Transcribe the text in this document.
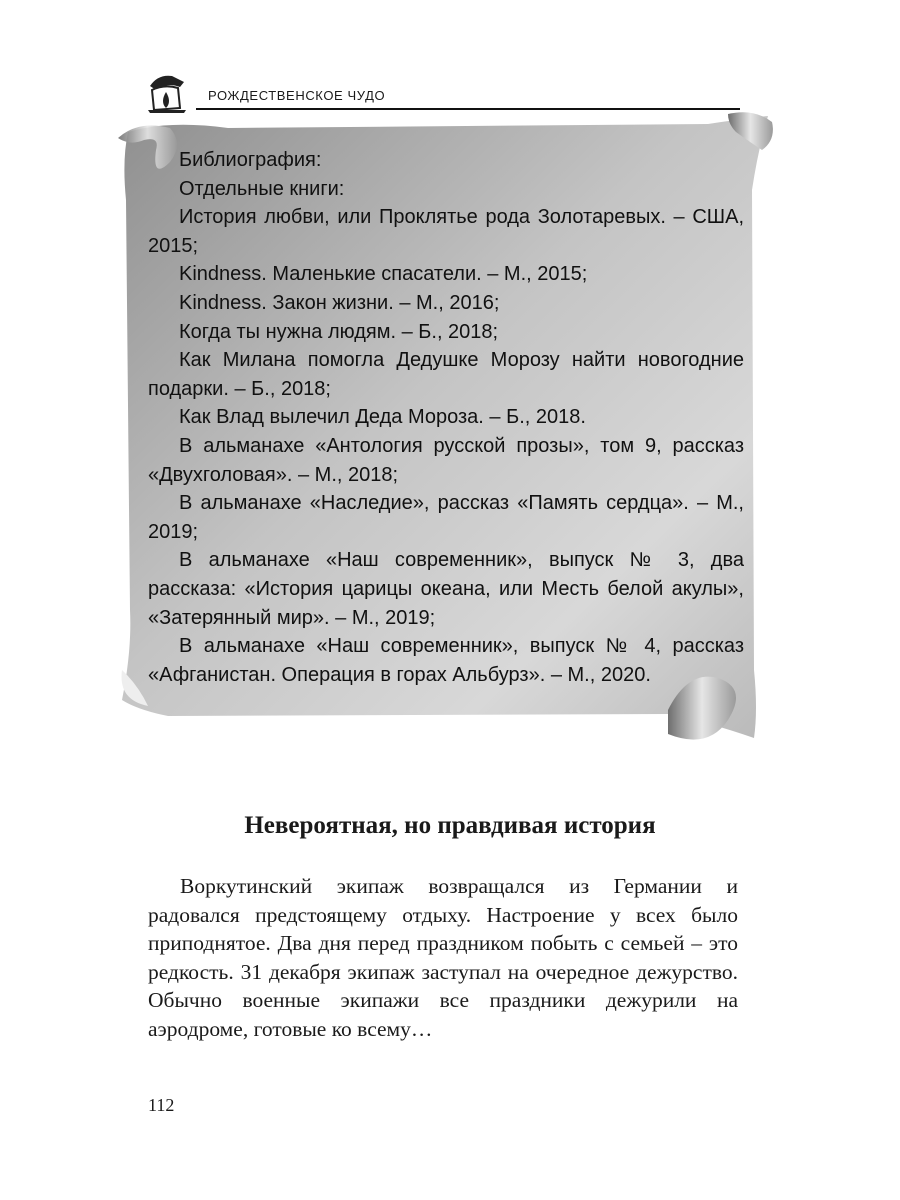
РОЖДЕСТВЕНСКОЕ ЧУДО

Библиография:

Отдельные книги:

История любви, или Проклятье рода Золотаревых. – США, 2015;

Kindness. Маленькие спасатели. – М., 2015;

Kindness. Закон жизни. – М., 2016;

Когда ты нужна людям. – Б., 2018;

Как Милана помогла Дедушке Морозу найти новогодние подарки. – Б., 2018;

Как Влад вылечил Деда Мороза. – Б., 2018.

В альманахе «Антология русской прозы», том 9, рассказ «Двухголовая». – М., 2018;

В альманахе «Наследие», рассказ «Память сердца». – М., 2019;

В альманахе «Наш современник», выпуск № 3, два рассказа: «История царицы океана, или Месть белой акулы», «Затерянный мир». – М., 2019;

В альманахе «Наш современник», выпуск № 4, рассказ «Афганистан. Операция в горах Альбурз». – М., 2020.

Невероятная, но правдивая история

Воркутинский экипаж возвращался из Германии и радовался предстоящему отдыху. Настроение у всех было приподнятое. Два дня перед праздником побыть с семьей – это редкость. 31 декабря экипаж заступал на очередное дежурство. Обычно военные экипажи все праздники дежурили на аэродроме, готовые ко всему…

112
